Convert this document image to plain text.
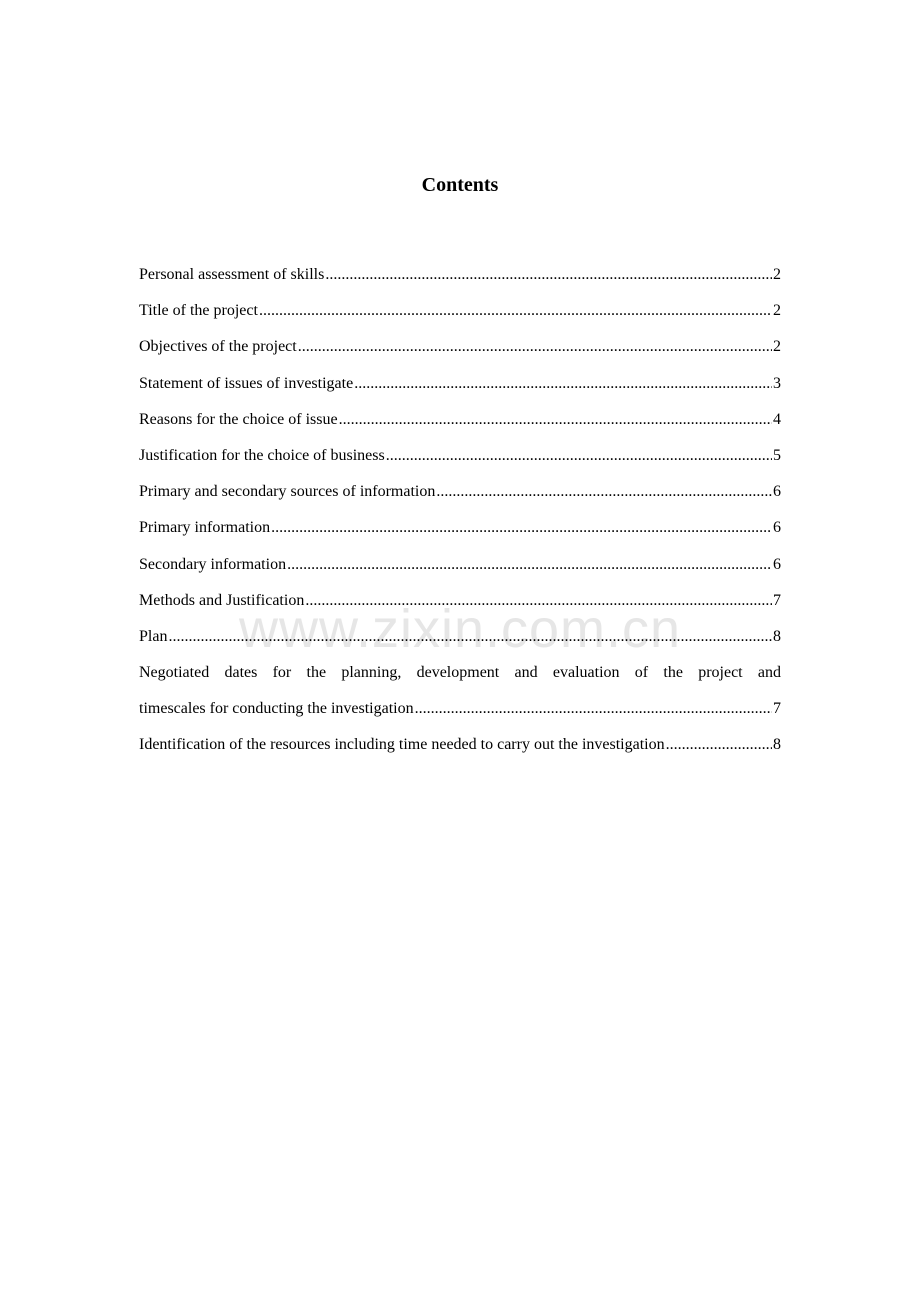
www.zixin.com.cn
Contents
Personal assessment of skills .....	2
Title of the project .....	2
Objectives of the project .....	2
Statement of issues of investigate .....	3
Reasons for the choice of issue .....	4
Justification for the choice of business .....	5
Primary and secondary sources of information .....	6
Primary information .....	6
Secondary information .....	6
Methods and Justification .....	7
Plan .....	8
Negotiated dates for the planning, development and evaluation of the project and
timescales for conducting the investigation .....	7
Identification of the resources including time needed to carry out the investigation .....	8
